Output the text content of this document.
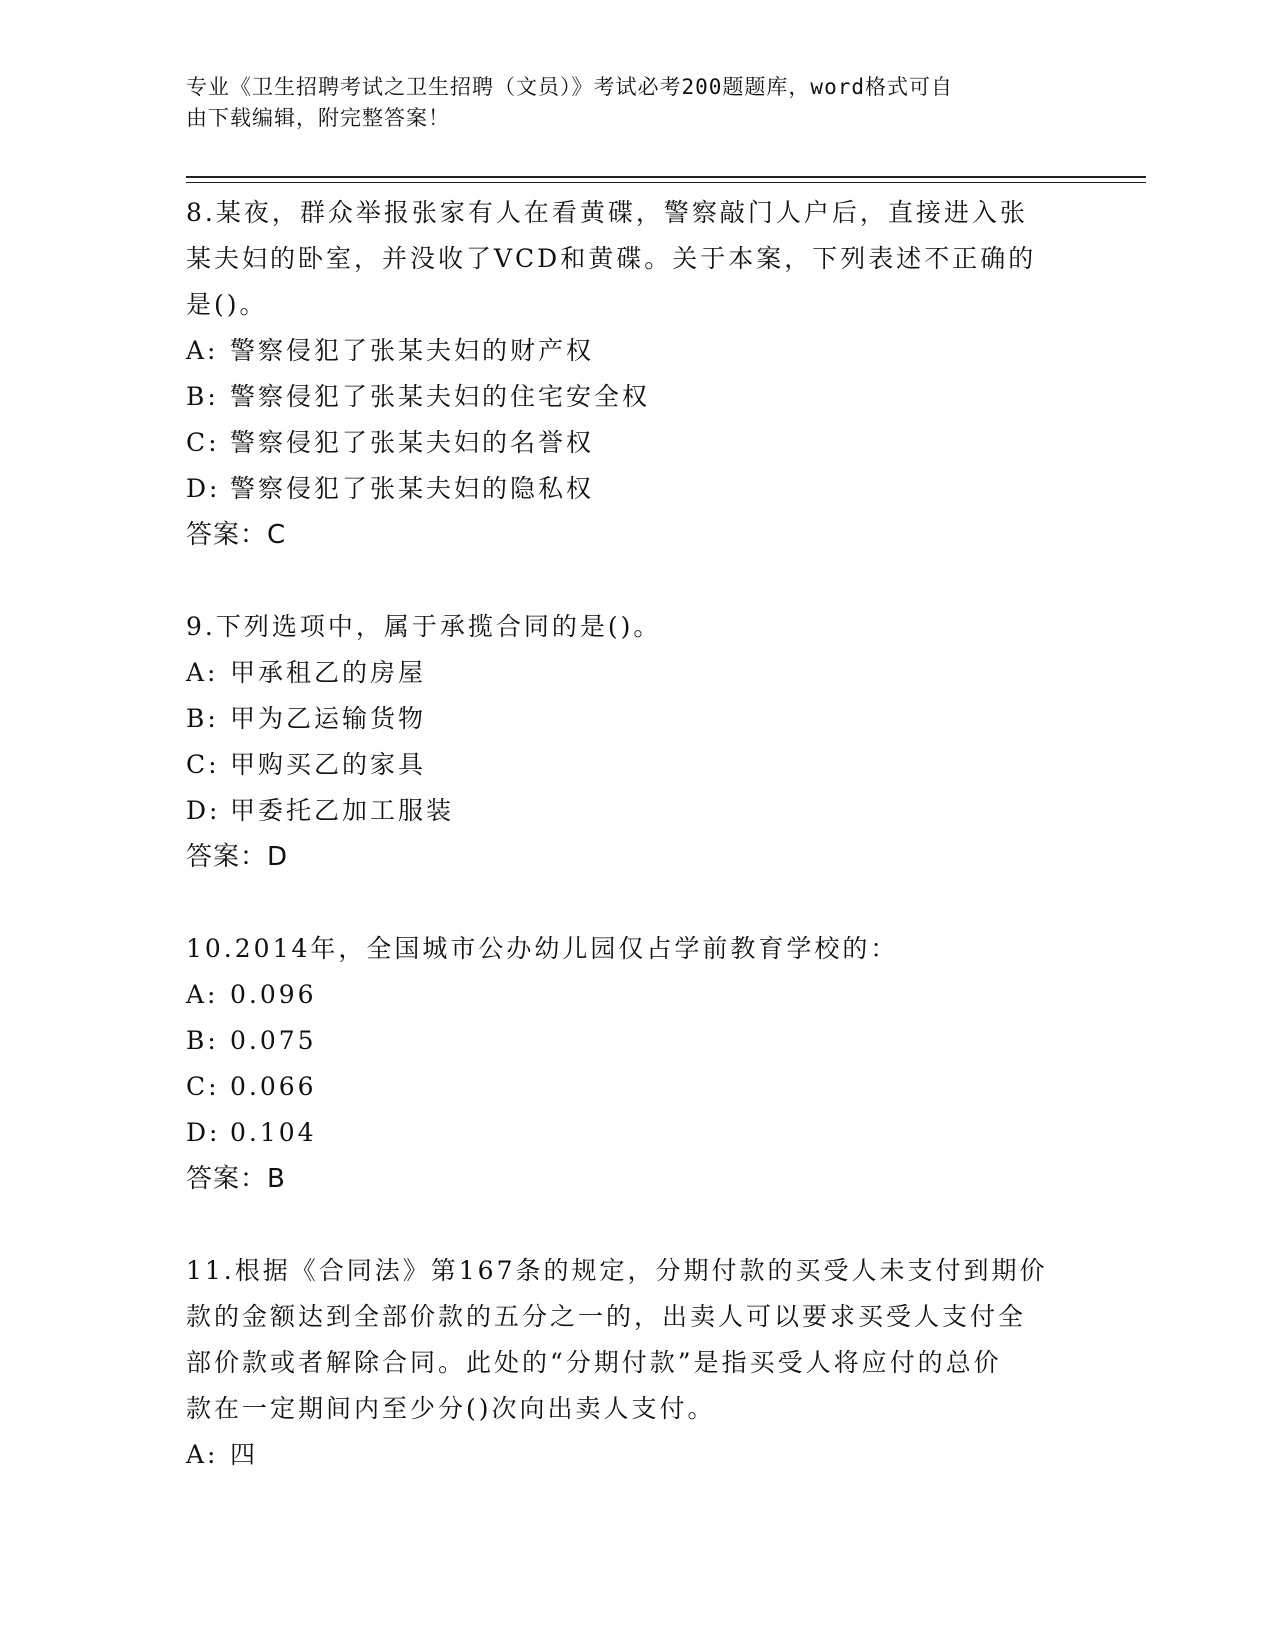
专业《卫生招聘考试之卫生招聘（文员）》考试必考200题题库，word格式可自
由下载编辑，附完整答案！

8.某夜，群众举报张家有人在看黄碟，警察敲门人户后，直接进入张

某夫妇的卧室，并没收了VCD和黄碟。关于本案，下列表述不正确的

是()。

A: 警察侵犯了张某夫妇的财产权

B: 警察侵犯了张某夫妇的住宅安全权

C: 警察侵犯了张某夫妇的名誉权

D: 警察侵犯了张某夫妇的隐私权

答案：C

9.下列选项中，属于承揽合同的是()。

A: 甲承租乙的房屋

B: 甲为乙运输货物

C: 甲购买乙的家具

D: 甲委托乙加工服装

答案：D

10.2014年，全国城市公办幼儿园仅占学前教育学校的：

A: 0.096

B: 0.075

C: 0.066

D: 0.104

答案：B

11.根据《合同法》第167条的规定，分期付款的买受人未支付到期价

款的金额达到全部价款的五分之一的，出卖人可以要求买受人支付全

部价款或者解除合同。此处的“分期付款”是指买受人将应付的总价

款在一定期间内至少分()次向出卖人支付。

A: 四
